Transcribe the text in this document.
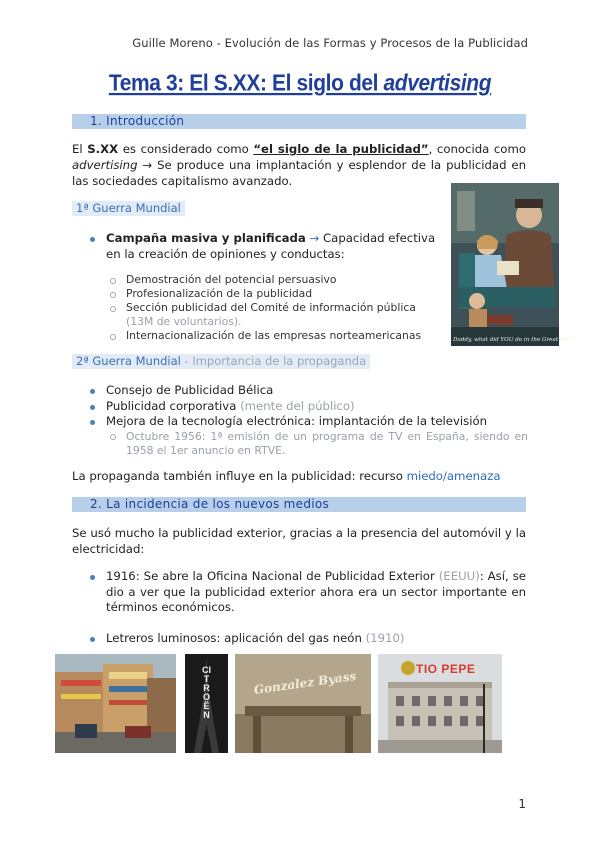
Guille Moreno - Evolución de las Formas y Procesos de la Publicidad
Tema 3: El S.XX: El siglo del advertising
1. Introducción
El S.XX es considerado como “el siglo de la publicidad”, conocida como advertising → Se produce una implantación y esplendor de la publicidad en las sociedades capitalismo avanzado.
1ª Guerra Mundial
Campaña masiva y planificada → Capacidad efectiva en la creación de opiniones y conductas:
Demostración del potencial persuasivo
Profesionalización de la publicidad
Sección publicidad del Comité de información pública (13M de voluntarios).
Internacionalización de las empresas norteamericanas	Daddy, what did YOU do in the Great War?
2ª Guerra Mundial - Importancia de la propaganda
Consejo de Publicidad Bélica
Publicidad corporativa (mente del público)
Mejora de la tecnología electrónica: implantación de la televisión
Octubre 1956: 1ª emisión de un programa de TV en España, siendo en 1958 el 1er anuncio en RTVE.
La propaganda también influye en la publicidad: recurso miedo/amenaza
2. La incidencia de los nuevos medios
Se usó mucho la publicidad exterior, gracias a la presencia del automóvil y la electricidad:
1916: Se abre la Oficina Nacional de Publicidad Exterior (EEUU): Así, se dio a ver que la publicidad exterior ahora era un sector importante en términos económicos.
Letreros luminosos: aplicación del gas neón (1910)
CITROËN
Gonzalez Byass	TIO PEPE
1
